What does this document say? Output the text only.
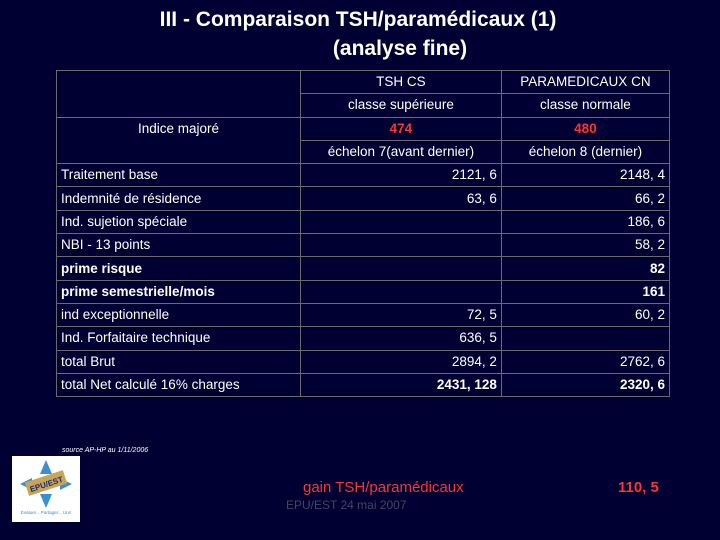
III - Comparaison TSH/paramédicaux (1)
(analyse fine)
	TSH CS	PARAMEDICAUX CN
	classe supérieure	classe normale
Indice majoré	474	480
	échelon 7(avant dernier)	échelon 8 (dernier)
Traitement base	2121, 6	2148, 4
Indemnité de résidence	63, 6	66, 2
Ind. sujetion spéciale		186, 6
NBI - 13 points		58, 2
prime risque		82
prime semestrielle/mois		161
ind exceptionnelle	72, 5	60, 2
Ind. Forfaitaire technique	636, 5	
total Brut	2894, 2	2762, 6
total Net calculé 16% charges	2431, 128	2320, 6
source AP-HP au 1/11/2006
EPU/EST
Évaluer... Partager... Unir
gain TSH/paramédicaux	110, 5
EPU/EST 24 mai 2007
